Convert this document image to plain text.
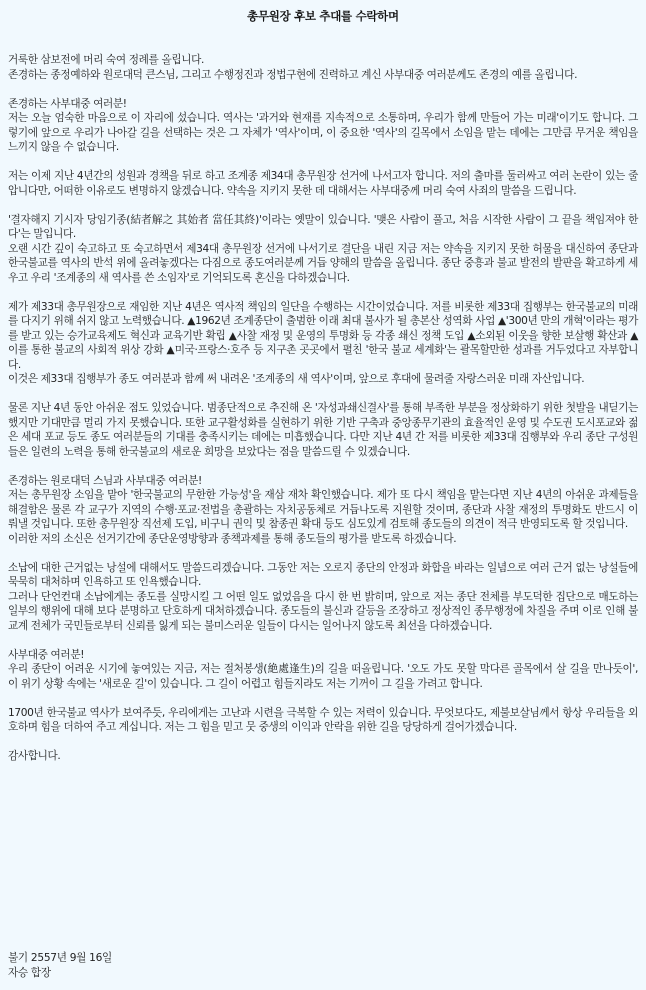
총무원장 후보 추대를 수락하며

거룩한 삼보전에 머리 숙여 정례를 올립니다.
존경하는 종정예하와 원로대덕 큰스님, 그리고 수행정진과 정법구현에 진력하고 계신 사부대중 여러분께도 존경의 예를 올립니다.

존경하는 사부대중 여러분!
저는 오늘 엄숙한 마음으로 이 자리에 섰습니다. 역사는 '과거와 현재를 지속적으로 소통하며, 우리가 함께 만들어 가는 미래'이기도 합니다. 그렇기에 앞으로 우리가 나아갈 길을 선택하는 것은 그 자체가 '역사'이며, 이 중요한 '역사'의 길목에서 소임을 맡는 데에는 그만큼 무거운 책임을 느끼지 않을 수 없습니다.

저는 이제 지난 4년간의 성원과 경책을 뒤로 하고 조계종 제34대 총무원장 선거에 나서고자 합니다. 저의 출마를 둘러싸고 여러 논란이 있는 줄 압니다만, 어떠한 이유로도 변명하지 않겠습니다. 약속을 지키지 못한 데 대해서는 사부대중께 머리 숙여 사죄의 말씀을 드립니다.

'결자해지 기시자 당임기종(結者解之 其始者 當任其終)'이라는 옛말이 있습니다. '맺은 사람이 풀고, 처음 시작한 사람이 그 끝을 책임져야 한다'는 말입니다.
오랜 시간 깊이 숙고하고 또 숙고하면서 제34대 총무원장 선거에 나서기로 결단을 내린 지금 저는 약속을 지키지 못한 허물을 대신하여 종단과 한국불교를 역사의 반석 위에 올려놓겠다는 다짐으로 종도여러분께 거듭 양해의 말씀을 올립니다. 종단 중흥과 불교 발전의 발판을 확고하게 세우고 우리 '조계종의 새 역사를 쓴 소임자'로 기억되도록 혼신을 다하겠습니다.

제가 제33대 총무원장으로 재임한 지난 4년은 역사적 책임의 일단을 수행하는 시간이었습니다. 저를 비롯한 제33대 집행부는 한국불교의 미래를 다지기 위해 쉬지 않고 노력했습니다. ▲1962년 조계종단이 출범한 이래 최대 불사가 될 총본산 성역화 사업 ▲'300년 만의 개혁'이라는 평가를 받고 있는 승가교육제도 혁신과 교육기반 확립 ▲사찰 재정 및 운영의 투명화 등 각종 쇄신 정책 도입 ▲소외된 이웃을 향한 보살행 확산과 ▲이를 통한 불교의 사회적 위상 강화 ▲미국·프랑스·호주 등 지구촌 곳곳에서 펼친 '한국 불교 세계화'는 괄목할만한 성과를 거두었다고 자부합니다.
이것은 제33대 집행부가 종도 여러분과 함께 써 내려온 '조계종의 새 역사'이며, 앞으로 후대에 물려줄 자랑스러운 미래 자산입니다.

물론 지난 4년 동안 아쉬운 점도 있었습니다. 범종단적으로 추진해 온 '자성과쇄신결사'를 통해 부족한 부분을 정상화하기 위한 첫발을 내딛기는 했지만 기대만큼 멀리 가지 못했습니다. 또한 교구활성화를 실현하기 위한 기반 구축과 중앙종무기관의 효율적인 운영 및 수도권 도시포교와 젊은 세대 포교 등도 종도 여러분들의 기대를 충족시키는 데에는 미흡했습니다. 다만 지난 4년 간 저를 비롯한 제33대 집행부와 우리 종단 구성원들은 일련의 노력을 통해 한국불교의 새로운 희망을 보았다는 점을 말씀드릴 수 있겠습니다.

존경하는 원로대덕 스님과 사부대중 여러분!
저는 총무원장 소임을 맡아 '한국불교의 무한한 가능성'을 재삼 재차 확인했습니다. 제가 또 다시 책임을 맡는다면 지난 4년의 아쉬운 과제들을 해결함은 물론 각 교구가 지역의 수행·포교·전법을 총괄하는 자치공동체로 거듭나도록 지원할 것이며, 종단과 사찰 재정의 투명화도 반드시 이뤄낼 것입니다. 또한 총무원장 직선제 도입, 비구니 권익 및 참종권 확대 등도 심도있게 검토해 종도들의 의견이 적극 반영되도록 할 것입니다.
이러한 저의 소신은 선거기간에 종단운영방향과 종책과제를 통해 종도들의 평가를 받도록 하겠습니다.

소납에 대한 근거없는 낭설에 대해서도 말씀드리겠습니다. 그동안 저는 오로지 종단의 안정과 화합을 바라는 일념으로 여러 근거 없는 낭설들에 묵묵히 대처하며 인욕하고 또 인욕했습니다.
그러나 단언컨대 소납에게는 종도를 실망시킬 그 어떤 일도 없었음을 다시 한 번 밝히며, 앞으로 저는 종단 전체를 부도덕한 집단으로 매도하는 일부의 행위에 대해 보다 분명하고 단호하게 대처하겠습니다. 종도들의 불신과 갈등을 조장하고 정상적인 종무행정에 차질을 주며 이로 인해 불교계 전체가 국민들로부터 신뢰를 잃게 되는 불미스러운 일들이 다시는 일어나지 않도록 최선을 다하겠습니다.

사부대중 여러분!
우리 종단이 어려운 시기에 놓여있는 지금, 저는 절처봉생(絶處逢生)의 길을 떠올립니다. '오도 가도 못할 막다른 골목에서 살 길을 만나듯이', 이 위기 상황 속에는 '새로운 길'이 있습니다. 그 길이 어렵고 힘들지라도 저는 기꺼이 그 길을 가려고 합니다.

1700년 한국불교 역사가 보여주듯, 우리에게는 고난과 시련을 극복할 수 있는 저력이 있습니다. 무엇보다도, 제불보살님께서 항상 우리들을 외호하며 힘을 더하여 주고 계십니다. 저는 그 힘을 믿고 뭇 중생의 이익과 안락을 위한 길을 당당하게 걸어가겠습니다.

감사합니다.

불기 2557년 9월 16일
자승 합장
